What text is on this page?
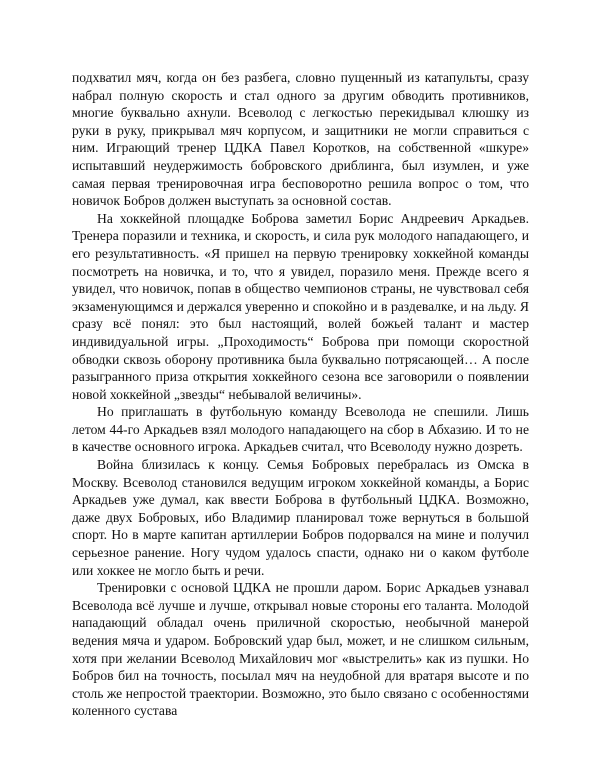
подхватил мяч, когда он без разбега, словно пущенный из катапульты, сразу набрал полную скорость и стал одного за другим обводить противников, многие буквально ахнули. Всеволод с легкостью перекидывал клюшку из руки в руку, прикрывал мяч корпусом, и защитники не могли справиться с ним. Играющий тренер ЦДКА Павел Коротков, на собственной «шкуре» испытавший неудержимость бобровского дриблинга, был изумлен, и уже самая первая тренировочная игра бесповоротно решила вопрос о том, что новичок Бобров должен выступать за основной состав.

На хоккейной площадке Боброва заметил Борис Андреевич Аркадьев. Тренера поразили и техника, и скорость, и сила рук молодого нападающего, и его результативность. «Я пришел на первую тренировку хоккейной команды посмотреть на новичка, и то, что я увидел, поразило меня. Прежде всего я увидел, что новичок, попав в общество чемпионов страны, не чувствовал себя экзаменующимся и держался уверенно и спокойно и в раздевалке, и на льду. Я сразу всё понял: это был настоящий, волей божьей талант и мастер индивидуальной игры. „Проходимость“ Боброва при помощи скоростной обводки сквозь оборону противника была буквально потрясающей… А после разыгранного приза открытия хоккейного сезона все заговорили о появлении новой хоккейной „звезды“ небывалой величины».

Но приглашать в футбольную команду Всеволода не спешили. Лишь летом 44-го Аркадьев взял молодого нападающего на сбор в Абхазию. И то не в качестве основного игрока. Аркадьев считал, что Всеволоду нужно дозреть.

Война близилась к концу. Семья Бобровых перебралась из Омска в Москву. Всеволод становился ведущим игроком хоккейной команды, а Борис Аркадьев уже думал, как ввести Боброва в футбольный ЦДКА. Возможно, даже двух Бобровых, ибо Владимир планировал тоже вернуться в большой спорт. Но в марте капитан артиллерии Бобров подорвался на мине и получил серьезное ранение. Ногу чудом удалось спасти, однако ни о каком футболе или хоккее не могло быть и речи.

Тренировки с основой ЦДКА не прошли даром. Борис Аркадьев узнавал Всеволода всё лучше и лучше, открывал новые стороны его таланта. Молодой нападающий обладал очень приличной скоростью, необычной манерой ведения мяча и ударом. Бобровский удар был, может, и не слишком сильным, хотя при желании Всеволод Михайлович мог «выстрелить» как из пушки. Но Бобров бил на точность, посылал мяч на неудобной для вратаря высоте и по столь же непростой траектории. Возможно, это было связано с особенностями коленного сустава
